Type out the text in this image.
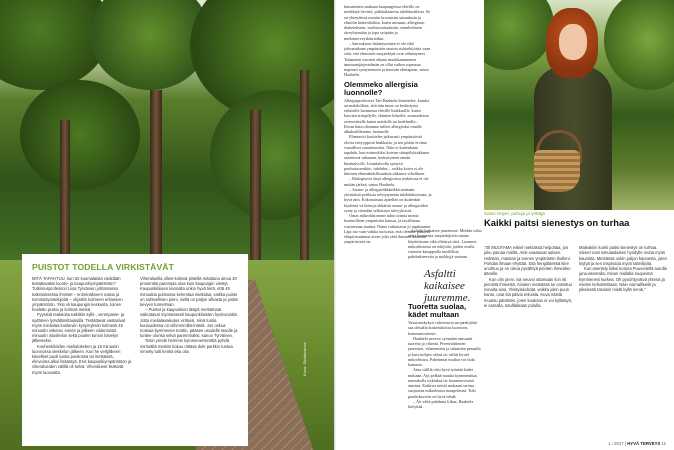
Kuva: Shutterstock
PUISTOT TODELLA VIRKISTÄVÄT

MITÄ TAPAHTUU, kun 82 suomalaista vieddään testattavaksi luonto- ja kaupunkiympäristöön? Tutkimusprofessori Liisa Tyrväinen johtamassa tutkimuksessa ihmiset – enimmäkseen naisia ja toimistotyöntekijöitä – ohjattiin kolmeen erilaiseen ympäristöön. Yksi oli kaupungin keskusta, toinen hoidettu puisto ja kolmas metsä.

Fyysisiä reaktioita tutkittiin sylki-, verenpaine- ja sydämen lyövälämittauksilla. Testattavat vastasivat myös mielialaa koskeviin kysymyksiin kolmesti 45 minuutin oskeruc ennen ja jälkeen viidentoista minuutin istuskelun sekä puolen tunnin kävelyn jälkeiseksi.

Koehenkilöiden mielialoitehen ja 15 minuutin luonnossa oleskelun jälkeen. Kun he vertjälkeen kävelleet puoli tuntia puistossa tai metsässä, elinvoima alkoi lisääntyä. Erot kaupunkiympäristöön ja viheralueiden välillä oli selvä. Viheralueet lisäsivät myös luovuutta.

Viheralueilla olleet kokivat pistellä mitattuna ainoa 20 prosenttia parempia oloa kuin kaupungin viestyt. Kaupunkilaisen kannalta onkin hyvä tietä, että 45 minuuttia puistossa kehentaa mielialaa, vaikka puisto on suhteellisen pieni, siellä on paljon vilkasta ja joskin kevyen tunnelman.

– Puistot ja kaupunkien läsipit metsämaat vaikuttavat myönteisesti kaupunkilaisten hyvinvointiin. Jotta mielialavaikutus virittuisi, siinä tuntia kuuluudessa on viihmmmillä-mästä. Jos oskua noteiaa kymmenen tunttin, pääsee usodelle tasolle ja tuntee olonsa selvä paremmaksi, sanoo Tyrväinen.

Tosin yrinde hemmin kymmenensenttiä pyhdä mirrisältä metsiin kokuu riittävä dole parkkin tuntaa nimetty tutti kenkä eka olia

kimusteniin mukaan kaupungeissa eläville on merkkejä lievistä, pitkäaikaisesta tulehdustilasta. Se on yhteydessä moniin kroonisiin sairauksiin ja elintilin häiriötiloihin, kuten astmaan, allergiaan, diabetekseen, suolistosairauksiin, metaboliseen oireyhtymään ja jopa syöpään ja mielenterveyshäiriöihin.

– Sairauksien lisääntyminen ei ole eikä johtunutkaan ympäristön uusista riskitekijöistä vaan siitä, että elimistön suojatekijät ovat vähentyneet. Tuhansien vuosien aikana muokkaantuneen immuunijärjestelmän on ollut vaikea sopeutua nopeasti syntyneeseen ja haavuin elintapaan, sanoo Haahtela.

Olemmeko allergisia luonnolle?

Allergiaprofessori Tari Haahtela ihmettelee, kuinka on mahdollista, että niin moni on herkistynyt erilaisille luonnossa eläville hiukkasille, kuten kasvien siitepölylle, eläinten hilseille, normaaleista ravintotteelle kuten maidolle tai hedelmille...

Kivan kuin olisimme tulleet allergisiksi omalle alkukodillemme, luonnolle.

Eliminoiti kasittelee jatkuvasti ympäristöstä olevia erityyppisiä hiukkasia, ja sen pitäisi erottaa vaaralliset vaarattomista. Näin ei kuitenkaan tapahdu, kun esimerkiksi koivun siitepölyhiukkaset aseettuvat urbaanin, herkistyneen nenän limakalvolle. Limakalvolla syntyvä puolustusreaktio, tulehdus – vaikka koivu ei ole ihmisen elinmahdollisuuksia uhkaava vihollinen.

– Biologisesti tässä allergioissa reaktiossa ei ole mitään järkeä, sanoo Haahtela.

– Astma- ja allergiaöläkkeikkä autetaan yksittäistä potilasta selviytymään tulehduksestaan, ja hyvä niin. Kokonaisuus ajatellen on kuitenkin kiydentä vä keinoja ehkäistä astma- ja allergioiden synty ja väestään sellaisissa itävyyksissä.

Omas mikrobistomme tuhui toimia monia luonnollisen ympäristön kanssa, ja tavallisena vastutetaan tautina. Nämä vaikuttavat jo tapahtumat. Läpi tuo vain vaikka tuotoista, että olemme puutuva elinpiirissämme aivan jolta yhtä ihmisen kauksun ympäristöstä on.

Asfaltti kaikaisee juuremme.

– Asfaltti katkaisee juuremme. Meidän tulisi ottaa luonnosta suojatekijöitä omaan käyttöömme eikä eliäistyä siitä. Luonnon mikrobistossa on tekijöitä, joiden avulla voimme kamppailla tuodillisia pahsbakteereita ja mykkyjä vastaan.

Tuoretta suolaa, kädet multaan

Vastustuskykyä vahvistavia suojatekijöitä saa oleualla kosketuksissa luontoon, kommentoiteesti.

Haahtela neuvoo syömään runsaasti tuoretta ja vihreää. Perenräittimien juuresten, vihannesten ja salaattien penaalla ja kasvisohjen vältsä on välitit hyvää mikrobistoa. Pahemmat muihat voi tiuki kantasta.

Aina välillä olisi hyvä työntää kädet multaan. Aijt pelkää muutia kymmenalua, nurmikolla toikiuksa tai luonnonvesissä uimista. Kaikista nöistä mukaani tarttuu suojaavaa mikrobistoa maapeläsisä. Toki puutkikasvien on hyvä tehdä.

– Äit vältä puhdasta liikaa, Haahtela kiteyttää.

Saimi Hoyer, puhuja ja yrittäjä
Kaikki paitsi sienestys on turhaa

"30 MUUTAMA eskiel metsässä helpottaa, jos joku painaa mieltä. Ainit ovaatuvat uulaen. Holistan, rnaistan ja tunnen ympäristön iholleni. Puhdas ilmaan ehyttää. Sitä hengittäessä kiire unohtuu ja on oikoa pysähtyä pienten ihmeiden äänelle.

Kun olin pieni, isä neuvoi ottamaan ilon irti pienistä ihmeistä. Ainalen metsässä se onnistuu minulta aina. Yksityiskohdat, vaikka jokin puun kanto, ovat siä pälvai eriloista. Kuva näistä muutsu päivittäin, joten kouksan ei voi kyllästyä, ei samalla, tutulfakkaan polulla.

Maleakiiin koeki paitsi sienestys on turhaa. Sienet ovat simutaalaisen hyödylle mutta myös kaunista. Metsässä onkin paljon kaunesta, joten löytyä ja sen inspiroida myös taiteilijoita.

Kun asentely kiiksi kotona Puuvedellä aurolla juna-asemalla, minun mullalla suopeimä kymmenesi kurkea. Oh pyoöhtyvätvä yhtenä ja mielen kehotteistaan. Näin voimallisesti ja pikaisesti tasoisin mietti kyllä rieniä."

1 / 2017 | HYVÄ TERVEYS 11
